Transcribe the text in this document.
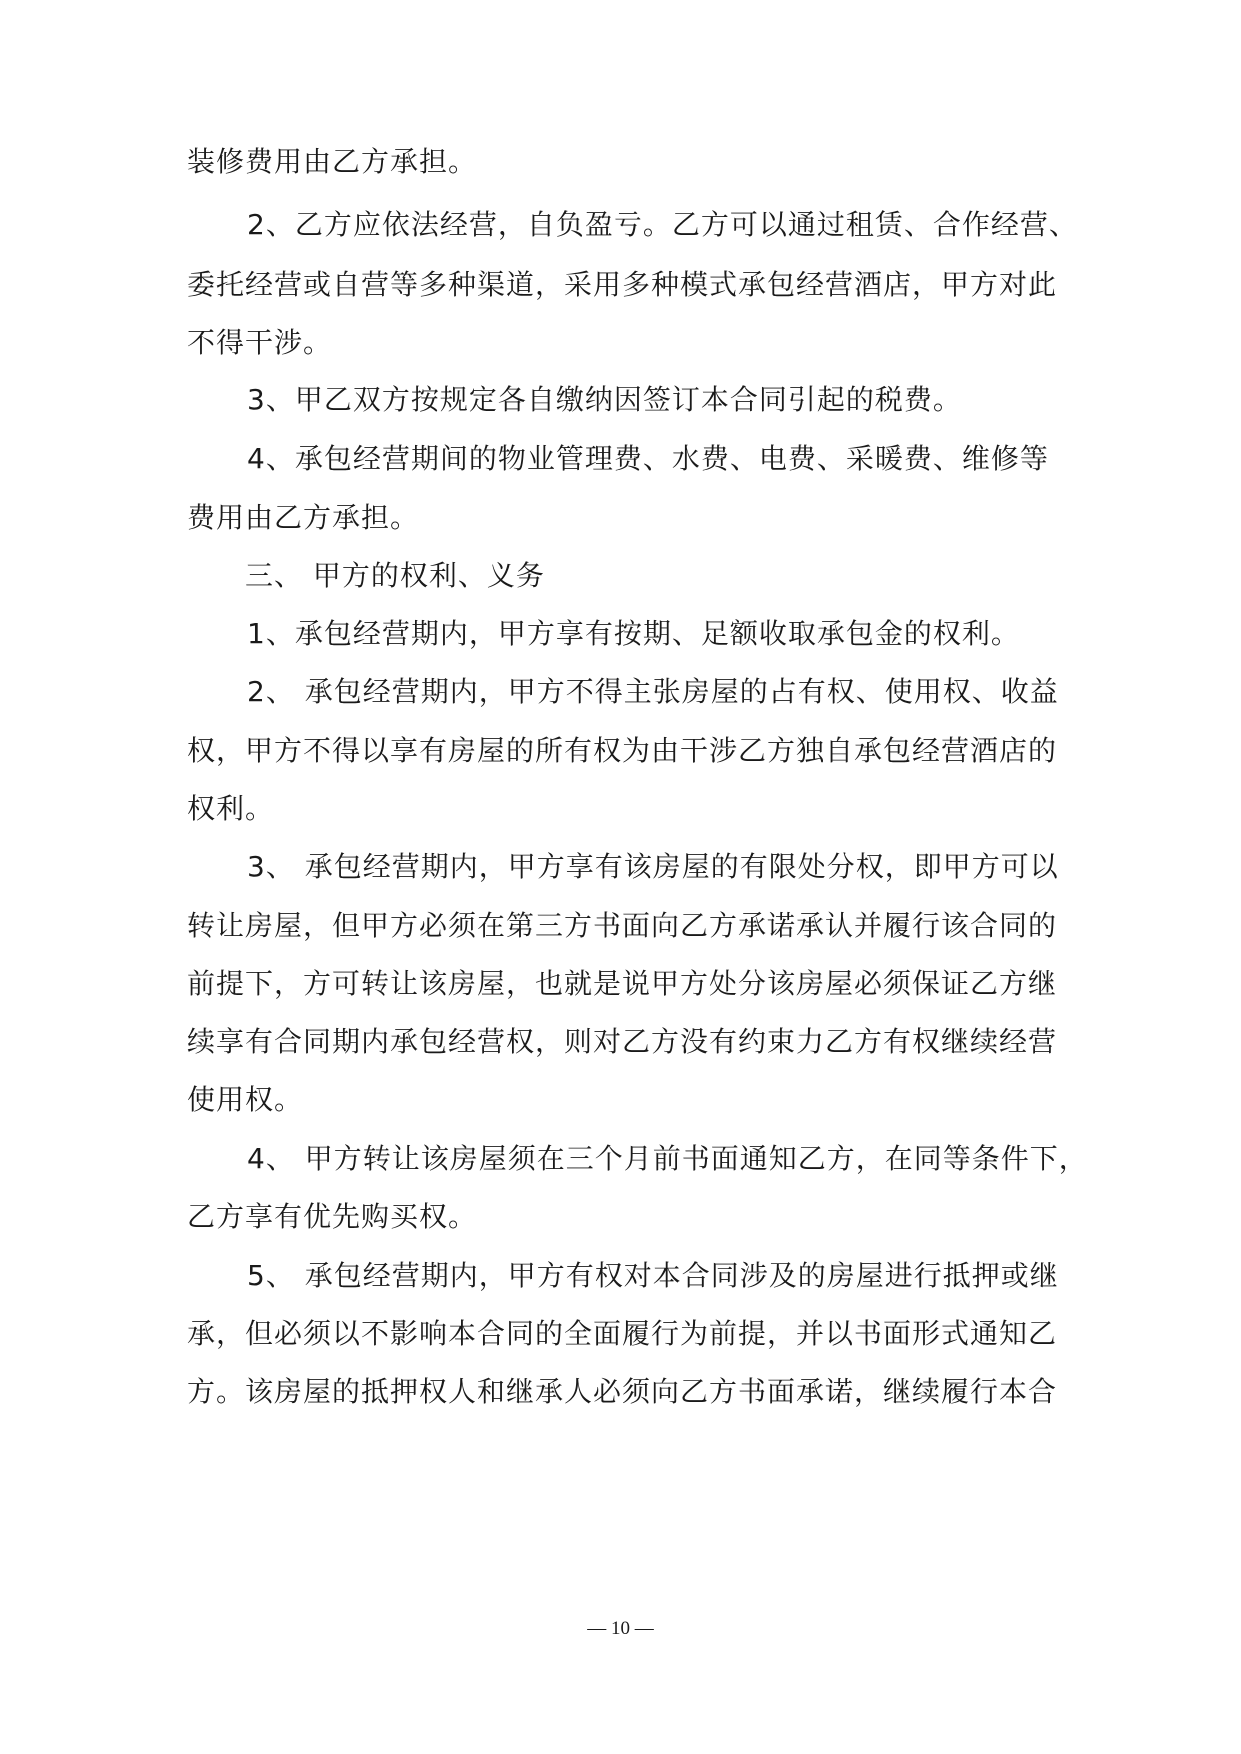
装修费用由乙方承担。
2、乙方应依法经营，自负盈亏。乙方可以通过租赁、合作经营、
委托经营或自营等多种渠道，采用多种模式承包经营酒店，甲方对此
不得干涉。
3、甲乙双方按规定各自缴纳因签订本合同引起的税费。
4、承包经营期间的物业管理费、水费、电费、采暖费、维修等
费用由乙方承担。
三、 甲方的权利、义务
1、承包经营期内，甲方享有按期、足额收取承包金的权利。
2、 承包经营期内，甲方不得主张房屋的占有权、使用权、收益
权，甲方不得以享有房屋的所有权为由干涉乙方独自承包经营酒店的
权利。
3、 承包经营期内，甲方享有该房屋的有限处分权，即甲方可以
转让房屋，但甲方必须在第三方书面向乙方承诺承认并履行该合同的
前提下，方可转让该房屋，也就是说甲方处分该房屋必须保证乙方继
续享有合同期内承包经营权，则对乙方没有约束力乙方有权继续经营
使用权。
4、 甲方转让该房屋须在三个月前书面通知乙方，在同等条件下，
乙方享有优先购买权。
5、 承包经营期内，甲方有权对本合同涉及的房屋进行抵押或继
承，但必须以不影响本合同的全面履行为前提，并以书面形式通知乙
方。该房屋的抵押权人和继承人必须向乙方书面承诺，继续履行本合
— 10 —
